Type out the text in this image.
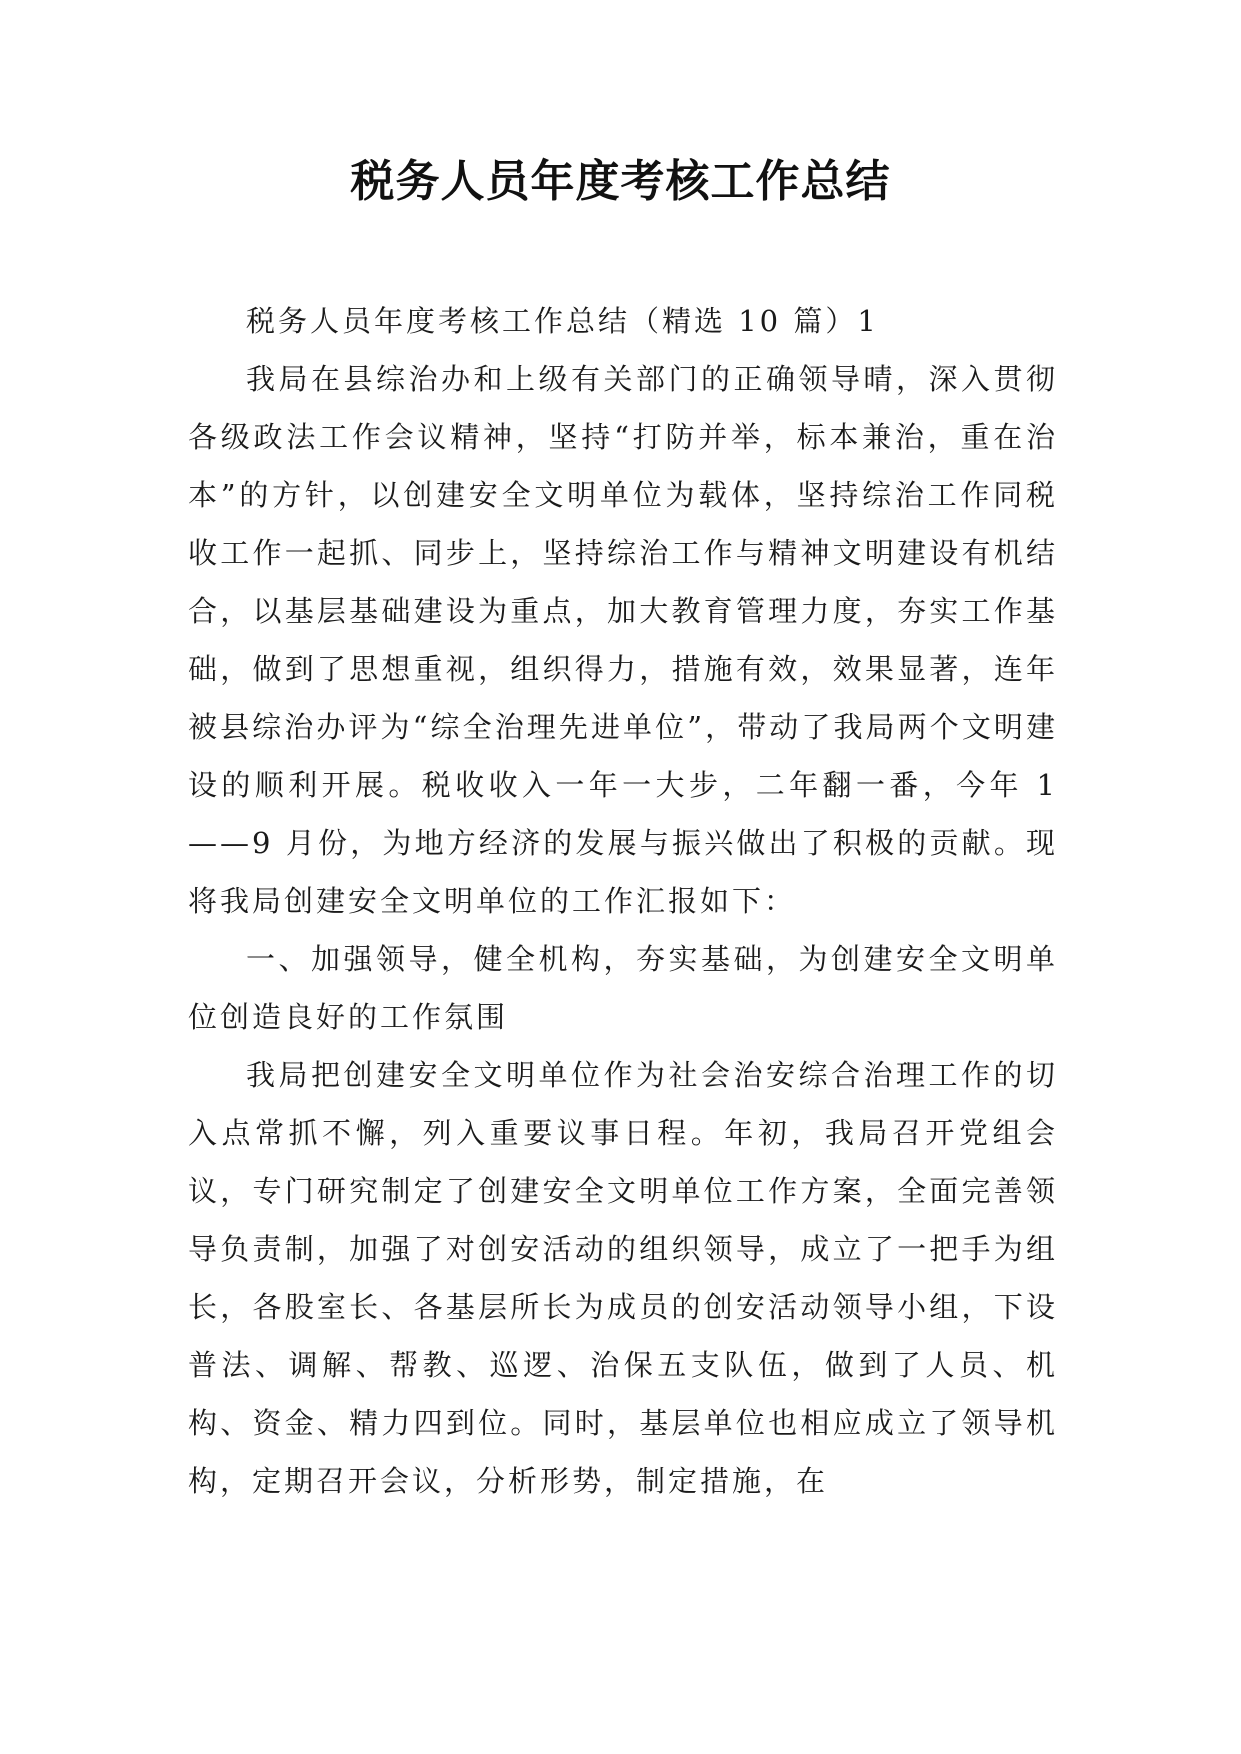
税务人员年度考核工作总结

税务人员年度考核工作总结（精选 10 篇）1

我局在县综治办和上级有关部门的正确领导晴，深入贯彻各级政法工作会议精神，坚持“打防并举，标本兼治，重在治本”的方针，以创建安全文明单位为载体，坚持综治工作同税收工作一起抓、同步上，坚持综治工作与精神文明建设有机结合，以基层基础建设为重点，加大教育管理力度，夯实工作基础，做到了思想重视，组织得力，措施有效，效果显著，连年被县综治办评为“综全治理先进单位”，带动了我局两个文明建设的顺利开展。税收收入一年一大步，二年翻一番，今年 1——9 月份，为地方经济的发展与振兴做出了积极的贡献。现将我局创建安全文明单位的工作汇报如下：

一、加强领导，健全机构，夯实基础，为创建安全文明单位创造良好的工作氛围

我局把创建安全文明单位作为社会治安综合治理工作的切入点常抓不懈，列入重要议事日程。年初，我局召开党组会议，专门研究制定了创建安全文明单位工作方案，全面完善领导负责制，加强了对创安活动的组织领导，成立了一把手为组长，各股室长、各基层所长为成员的创安活动领导小组，下设普法、调解、帮教、巡逻、治保五支队伍，做到了人员、机构、资金、精力四到位。同时，基层单位也相应成立了领导机构，定期召开会议，分析形势，制定措施，在
